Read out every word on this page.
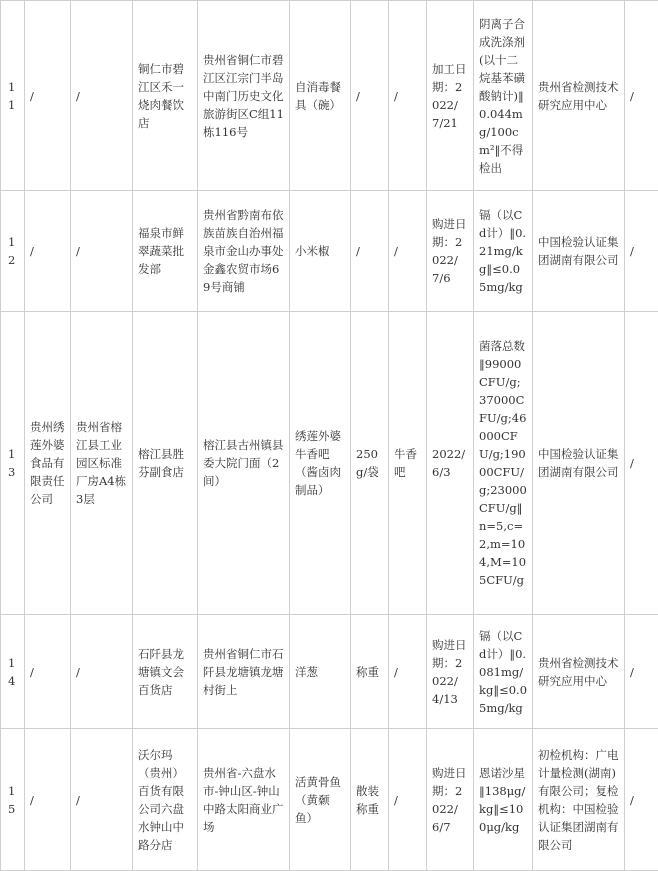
11	/	/	铜仁市碧江区禾一烧肉餐饮店	贵州省铜仁市碧江区江宗门半岛中南门历史文化旅游街区C组11栋116号	自消毒餐具（碗）	/	/	加工日期：2022/7/21	阴离子合成洗涤剂(以十二烷基苯磺酸钠计)‖0.044mg/100cm²‖不得检出	贵州省检测技术研究应用中心	/

12	/	/	福泉市鲜翠蔬菜批发部	贵州省黔南布依族苗族自治州福泉市金山办事处金鑫农贸市场69号商铺	小米椒	/	/	购进日期：2022/7/6	镉（以Cd计）‖0.21mg/kg‖≤0.05mg/kg	中国检验认证集团湖南有限公司	/

13	贵州绣莲外婆食品有限责任公司	贵州省榕江县工业园区标准厂房A4栋3层	榕江县胜芬副食店	榕江县古州镇县委大院门面（2间）	绣莲外婆牛香吧（酱卤肉制品）	250g/袋	牛香吧	2022/6/3	菌落总数‖99000CFU/g;37000CFU/g;46000CFU/g;19000CFU/g;23000CFU/g‖n=5,c=2,m=104,M=105CFU/g	中国检验认证集团湖南有限公司	/

14	/	/	石阡县龙塘镇文会百货店	贵州省铜仁市石阡县龙塘镇龙塘村街上	洋葱	称重	/	购进日期：2022/4/13	镉（以Cd计）‖0.081mg/kg‖≤0.05mg/kg	贵州省检测技术研究应用中心	/

15	/	/	沃尔玛（贵州）百货有限公司六盘水钟山中路分店	贵州省-六盘水市-钟山区-钟山中路太阳商业广场	活黄骨鱼（黄颡鱼）	散装称重	/	购进日期：2022/6/7	恩诺沙星‖138μg/kg‖≤100μg/kg	初检机构：广电计量检测(湖南)有限公司；复检机构：中国检验认证集团湖南有限公司	/
